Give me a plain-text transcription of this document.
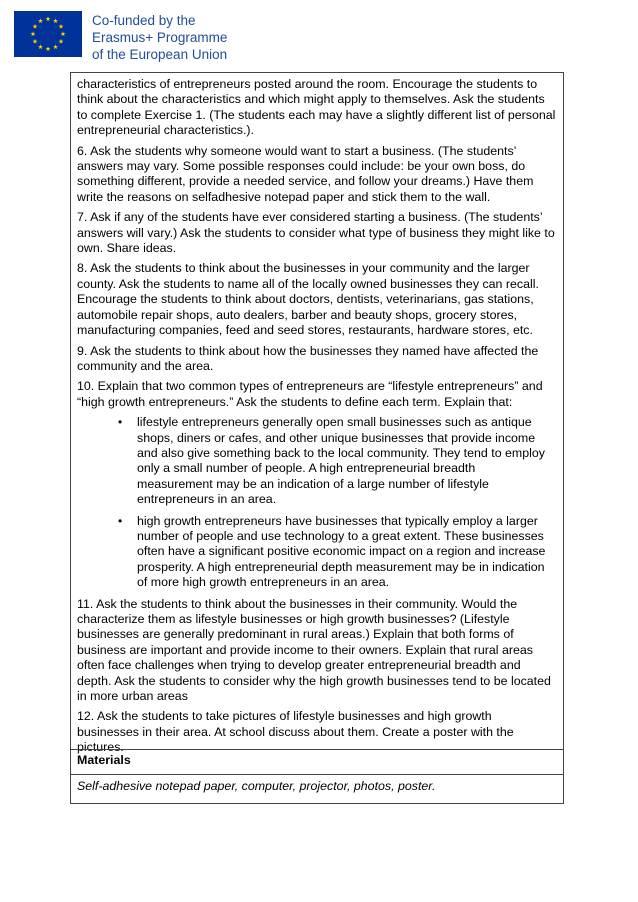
Co-funded by the
Erasmus+ Programme
of the European Union

characteristics of entrepreneurs posted around the room. Encourage the students to think about the characteristics and which might apply to themselves. Ask the students to complete Exercise 1. (The students each may have a slightly different list of personal entrepreneurial characteristics.).

6. Ask the students why someone would want to start a business. (The students’ answers may vary. Some possible responses could include: be your own boss, do something different, provide a needed service, and follow your dreams.) Have them write the reasons on selfadhesive notepad paper and stick them to the wall.

7. Ask if any of the students have ever considered starting a business. (The students’ answers will vary.) Ask the students to consider what type of business they might like to own. Share ideas.

8. Ask the students to think about the businesses in your community and the larger county. Ask the students to name all of the locally owned businesses they can recall. Encourage the students to think about doctors, dentists, veterinarians, gas stations, automobile repair shops, auto dealers, barber and beauty shops, grocery stores, manufacturing companies, feed and seed stores, restaurants, hardware stores, etc.

9. Ask the students to think about how the businesses they named have affected the community and the area.

10. Explain that two common types of entrepreneurs are “lifestyle entrepreneurs” and “high growth entrepreneurs.” Ask the students to define each term. Explain that:

• lifestyle entrepreneurs generally open small businesses such as antique shops, diners or cafes, and other unique businesses that provide income and also give something back to the local community. They tend to employ only a small number of people. A high entrepreneurial breadth measurement may be an indication of a large number of lifestyle entrepreneurs in an area.
• high growth entrepreneurs have businesses that typically employ a larger number of people and use technology to a great extent. These businesses often have a significant positive economic impact on a region and increase prosperity. A high entrepreneurial depth measurement may be in indication of more high growth entrepreneurs in an area.

11. Ask the students to think about the businesses in their community. Would the characterize them as lifestyle businesses or high growth businesses? (Lifestyle businesses are generally predominant in rural areas.) Explain that both forms of business are important and provide income to their owners. Explain that rural areas often face challenges when trying to develop greater entrepreneurial breadth and depth. Ask the students to consider why the high growth businesses tend to be located in more urban areas

12. Ask the students to take pictures of lifestyle businesses and high growth businesses in their area. At school discuss about them. Create a poster with the pictures.

Materials
Self-adhesive notepad paper, computer, projector, photos, poster.
